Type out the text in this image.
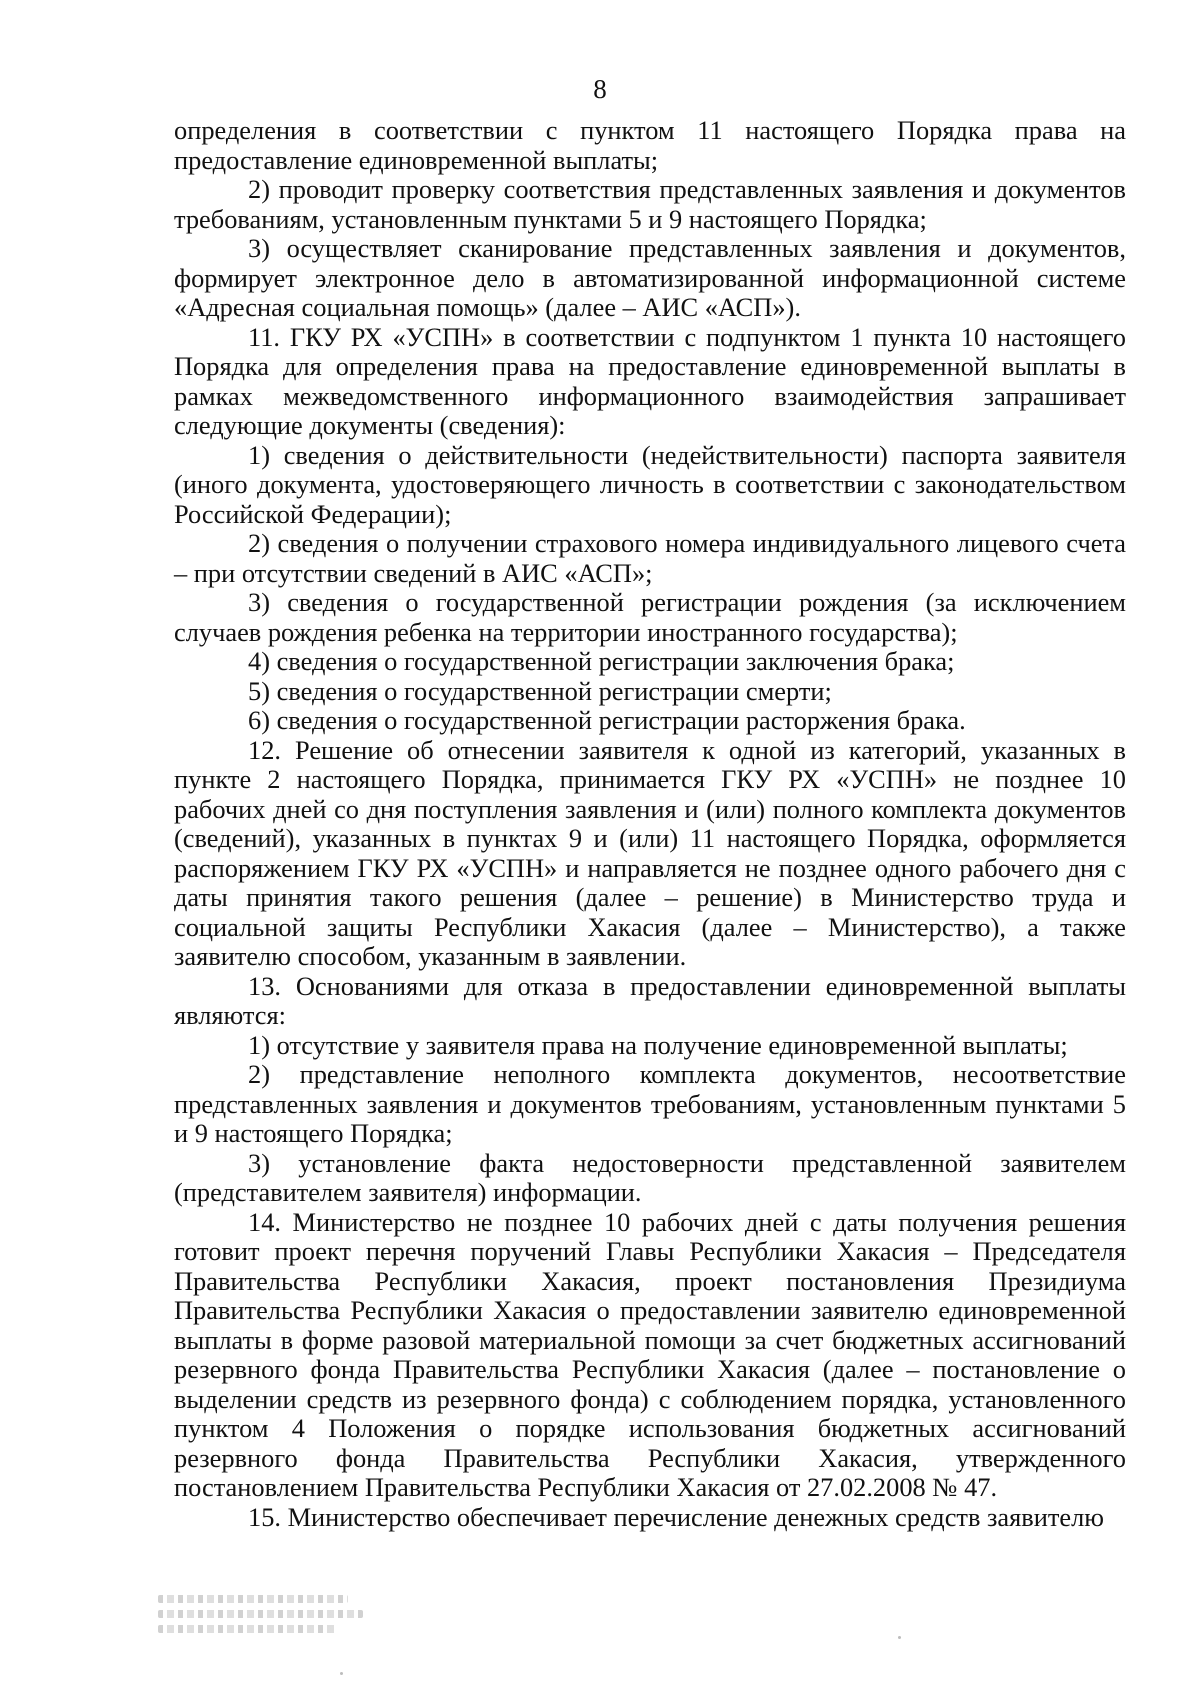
8

определения в соответствии с пунктом 11 настоящего Порядка права на предоставление единовременной выплаты;

2) проводит проверку соответствия представленных заявления и документов требованиям, установленным пунктами 5 и 9 настоящего Порядка;

3) осуществляет сканирование представленных заявления и документов, формирует электронное дело в автоматизированной информационной системе «Адресная социальная помощь» (далее – АИС «АСП»).

11. ГКУ РХ «УСПН» в соответствии с подпунктом 1 пункта 10 настоящего Порядка для определения права на предоставление единовременной выплаты в рамках межведомственного информационного взаимодействия запрашивает следующие документы (сведения):

1) сведения о действительности (недействительности) паспорта заявителя (иного документа, удостоверяющего личность в соответствии с законодательством Российской Федерации);

2) сведения о получении страхового номера индивидуального лицевого счета – при отсутствии сведений в АИС «АСП»;

3) сведения о государственной регистрации рождения (за исключением случаев рождения ребенка на территории иностранного государства);

4) сведения о государственной регистрации заключения брака;

5) сведения о государственной регистрации смерти;

6) сведения о государственной регистрации расторжения брака.

12. Решение об отнесении заявителя к одной из категорий, указанных в пункте 2 настоящего Порядка, принимается ГКУ РХ «УСПН» не позднее 10 рабочих дней со дня поступления заявления и (или) полного комплекта документов (сведений), указанных в пунктах 9 и (или) 11 настоящего Порядка, оформляется распоряжением ГКУ РХ «УСПН» и направляется не позднее одного рабочего дня с даты принятия такого решения (далее – решение) в Министерство труда и социальной защиты Республики Хакасия (далее – Министерство), а также заявителю способом, указанным в заявлении.

13. Основаниями для отказа в предоставлении единовременной выплаты являются:

1) отсутствие у заявителя права на получение единовременной выплаты;

2) представление неполного комплекта документов, несоответствие представленных заявления и документов требованиям, установленным пунктами 5 и 9 настоящего Порядка;

3) установление факта недостоверности представленной заявителем (представителем заявителя) информации.

14. Министерство не позднее 10 рабочих дней с даты получения решения готовит проект перечня поручений Главы Республики Хакасия – Председателя Правительства Республики Хакасия, проект постановления Президиума Правительства Республики Хакасия о предоставлении заявителю единовременной выплаты в форме разовой материальной помощи за счет бюджетных ассигнований резервного фонда Правительства Республики Хакасия (далее – постановление о выделении средств из резервного фонда) с соблюдением порядка, установленного пунктом 4 Положения о порядке использования бюджетных ассигнований резервного фонда Правительства Республики Хакасия, утвержденного постановлением Правительства Республики Хакасия от 27.02.2008 № 47.

15. Министерство обеспечивает перечисление денежных средств заявителю
